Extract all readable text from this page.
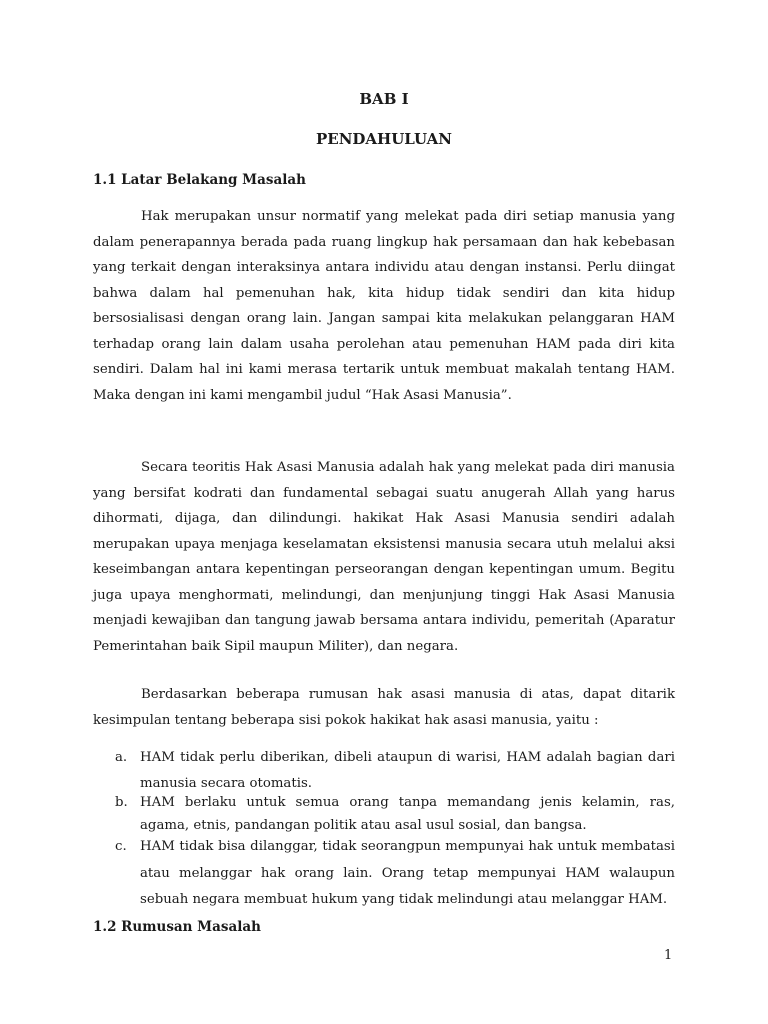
BAB I
PENDAHULUAN
1.1 Latar Belakang Masalah

Hak merupakan unsur normatif yang melekat pada diri setiap manusia yang dalam penerapannya berada pada ruang lingkup hak persamaan dan hak kebebasan yang terkait dengan interaksinya antara individu atau dengan instansi. Perlu diingat bahwa dalam hal pemenuhan hak, kita hidup tidak sendiri dan kita hidup bersosialisasi dengan orang lain. Jangan sampai kita melakukan pelanggaran HAM terhadap orang lain dalam usaha perolehan atau pemenuhan HAM pada diri kita sendiri. Dalam hal ini kami merasa tertarik untuk membuat makalah tentang HAM. Maka dengan ini kami mengambil judul “Hak Asasi Manusia”.

Secara teoritis Hak Asasi Manusia adalah hak yang melekat pada diri manusia yang bersifat kodrati dan fundamental sebagai suatu anugerah Allah yang harus dihormati, dijaga, dan dilindungi. hakikat Hak Asasi Manusia sendiri adalah merupakan upaya menjaga keselamatan eksistensi manusia secara utuh melalui aksi keseimbangan antara kepentingan perseorangan dengan kepentingan umum. Begitu juga upaya menghormati, melindungi, dan menjunjung tinggi Hak Asasi Manusia menjadi kewajiban dan tangung jawab bersama antara individu, pemeritah (Aparatur Pemerintahan baik Sipil maupun Militer), dan negara.

Berdasarkan beberapa rumusan hak asasi manusia di atas, dapat ditarik kesimpulan tentang beberapa sisi pokok hakikat hak asasi manusia, yaitu :

a. HAM tidak perlu diberikan, dibeli ataupun di warisi, HAM adalah bagian dari manusia secara otomatis.
b. HAM berlaku untuk semua orang tanpa memandang jenis kelamin, ras, agama, etnis, pandangan politik atau asal usul sosial, dan bangsa.
c. HAM tidak bisa dilanggar, tidak seorangpun mempunyai hak untuk membatasi atau melanggar hak orang lain. Orang tetap mempunyai HAM walaupun sebuah negara membuat hukum yang tidak melindungi atau melanggar HAM.
1.2 Rumusan Masalah
1
